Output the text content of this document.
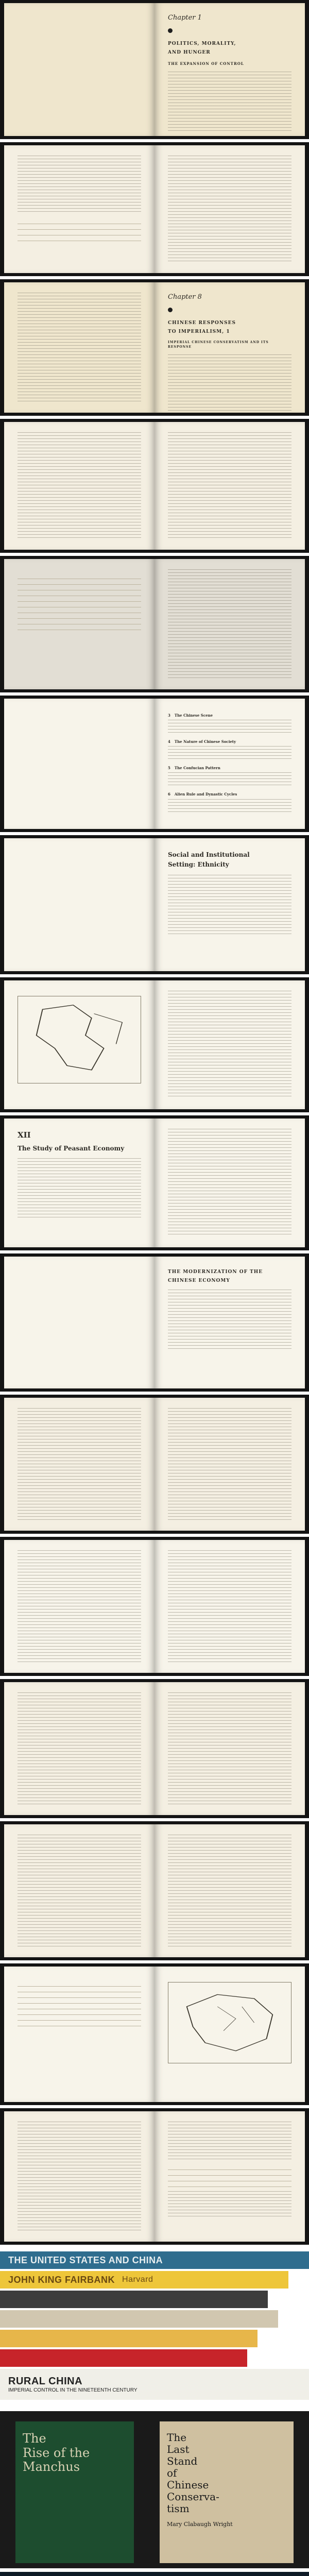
Chapter 1
POLITICS, MORALITY,
AND HUNGER
THE EXPANSION OF CONTROL

Chapter 8
CHINESE RESPONSES
TO IMPERIALISM, 1
IMPERIAL CHINESE CONSERVATISM AND ITS RESPONSE

3 The Chinese Scene
4 The Nature of Chinese Society
5 The Confucian Pattern
6 Alien Rule and Dynastic Cycles
Social and Institutional
Setting: Ethnicity
XII
The Study of Peasant Economy
THE MODERNIZATION OF THE
CHINESE ECONOMY

THE UNITED STATES AND CHINA
JOHN KING FAIRBANK Harvard
RURAL CHINA
IMPERIAL CONTROL IN THE NINETEENTH CENTURY
The
Rise of the
Manchus
The
Last
Stand
of
Chinese
Conserva-
tism
Mary Clabaugh Wright
